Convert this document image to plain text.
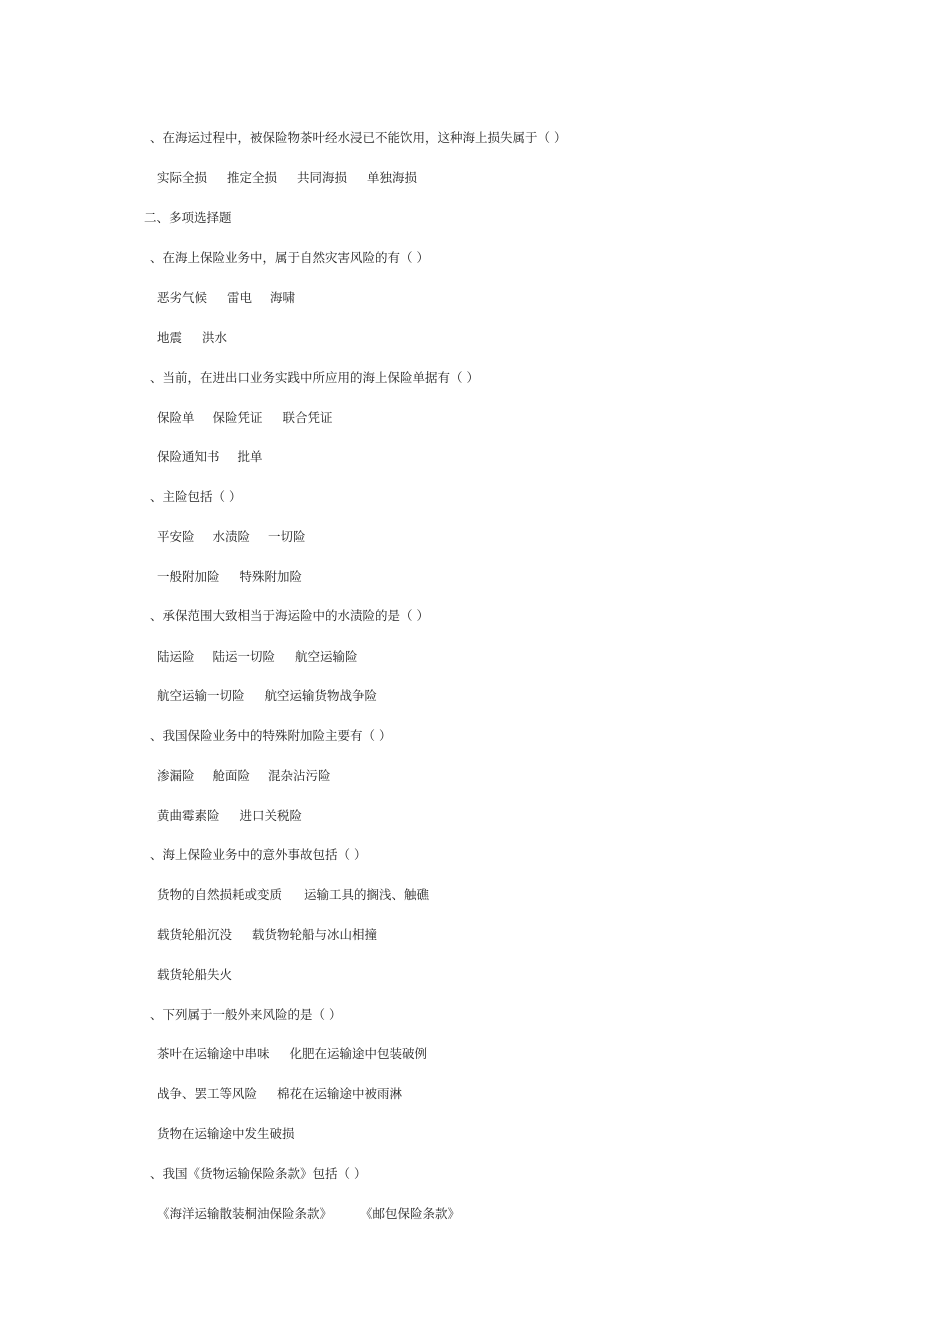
、在海运过程中，被保险物茶叶经水浸已不能饮用，这种海上损失属于（ ）
实际全损 推定全损 共同海损 单独海损
二、多项选择题
、在海上保险业务中，属于自然灾害风险的有（ ）
恶劣气候 雷电 海啸
地震 洪水
、当前，在进出口业务实践中所应用的海上保险单据有（ ）
保险单 保险凭证 联合凭证
保险通知书 批单
、主险包括（ ）
平安险 水渍险 一切险
一般附加险 特殊附加险
、承保范围大致相当于海运险中的水渍险的是（ ）
陆运险 陆运一切险 航空运输险
航空运输一切险 航空运输货物战争险
、我国保险业务中的特殊附加险主要有（ ）
渗漏险 舱面险 混杂沾污险
黄曲霉素险 进口关税险
、海上保险业务中的意外事故包括（ ）
货物的自然损耗或变质 运输工具的搁浅、触礁
载货轮船沉没 载货物轮船与冰山相撞
载货轮船失火
、下列属于一般外来风险的是（ ）
茶叶在运输途中串味 化肥在运输途中包装破例
战争、罢工等风险 棉花在运输途中被雨淋
货物在运输途中发生破损
、我国《货物运输保险条款》包括（ ）
《海洋运输散装桐油保险条款》 《邮包保险条款》
